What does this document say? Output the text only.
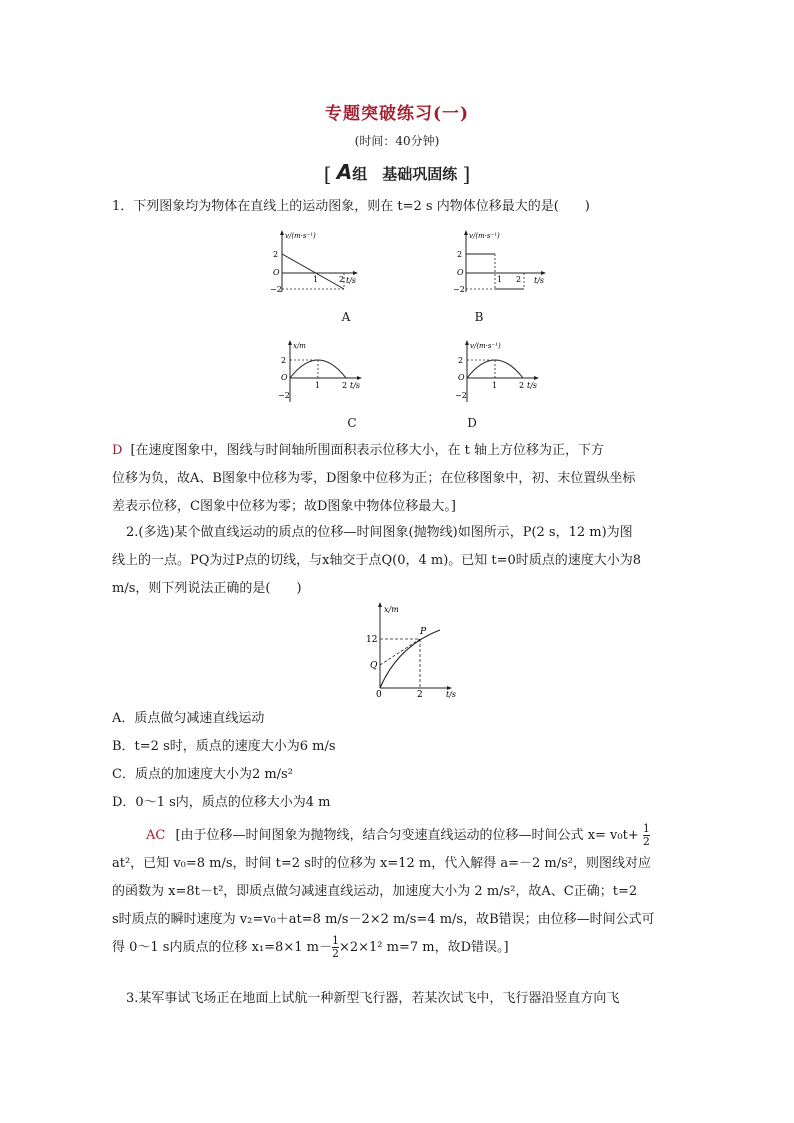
专题突破练习(一)
(时间：40分钟)
[ A组　基础巩固练 ]
1．下列图象均为物体在直线上的运动图象，则在 t=2 s 内物体位移最大的是(　　)
v/(m·s⁻¹)
2
O
−2
1	2 t/s
A
v/(m·s⁻¹)
2
O
−2
1 2 t/s
B
x/m
2
O
−2
1	2 t/s
C
v/(m·s⁻¹)
2
O
−2
1	2 t/s
D
D [在速度图象中，图线与时间轴所围面积表示位移大小，在 t 轴上方位移为正，下方
位移为负，故A、B图象中位移为零，D图象中位移为正；在位移图象中，初、末位置纵坐标
差表示位移，C图象中位移为零；故D图象中物体位移最大。]
2.(多选)某个做直线运动的质点的位移—时间图象(抛物线)如图所示，P(2 s，12 m)为图
线上的一点。PQ为过P点的切线，与x轴交于点Q(0，4 m)。已知 t=0时质点的速度大小为8
m/s，则下列说法正确的是(　　)
x/m
12
Q
P
0	2	t/s
A．质点做匀减速直线运动
B．t=2 s时，质点的速度大小为6 m/s
C．质点的加速度大小为2 m/s²
D．0～1 s内，质点的位移大小为4 m
AC [由于位移—时间图象为抛物线，结合匀变速直线运动的位移—时间公式 $x= v_0t+ \frac{1}{2}$
at²，已知 v₀=8 m/s，时间 t=2 s时的位移为 x=12 m，代入解得 a=－2 m/s²，则图线对应
的函数为 x=8t－t²，即质点做匀减速直线运动，加速度大小为 2 m/s²，故A、C正确；t=2
s时质点的瞬时速度为 v₂=v₀＋at=8 m/s－2×2 m/s=4 m/s，故B错误；由位移—时间公式可
得 0～1 s内质点的位移 x₁=8×1 $m- \frac{1}{2} \times 2\times 1^2$ m=7 m，故D错误。]
3.某军事试飞场正在地面上试航一种新型飞行器，若某次试飞中，飞行器沿竖直方向飞
